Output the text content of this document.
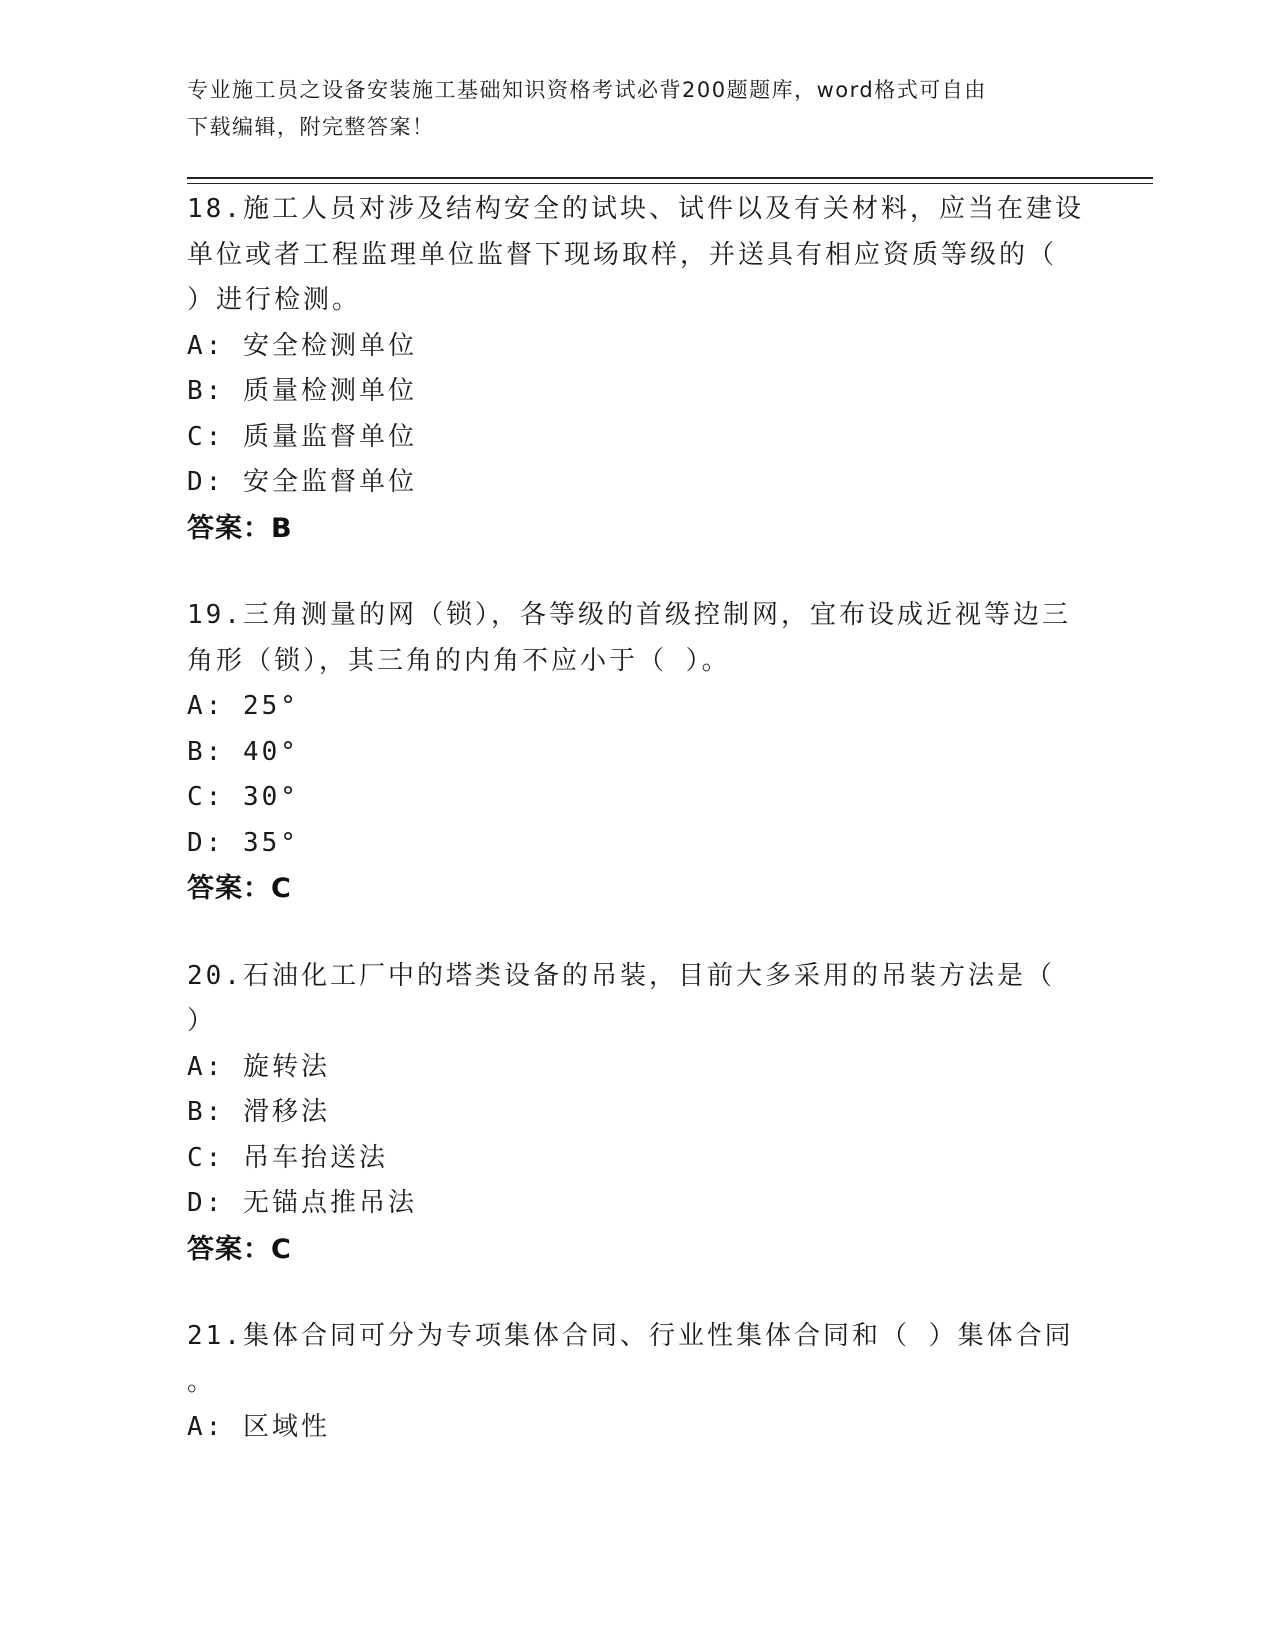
专业施工员之设备安装施工基础知识资格考试必背200题题库，word格式可自由
下载编辑，附完整答案！
18.施工人员对涉及结构安全的试块、试件以及有关材料，应当在建设
单位或者工程监理单位监督下现场取样，并送具有相应资质等级的（
）进行检测。
A: 安全检测单位
B: 质量检测单位
C: 质量监督单位
D: 安全监督单位
答案：B
19.三角测量的网（锁），各等级的首级控制网，宜布设成近视等边三
角形（锁），其三角的内角不应小于（ ）。
A: 25°
B: 40°
C: 30°
D: 35°
答案：C
20.石油化工厂中的塔类设备的吊装，目前大多采用的吊装方法是（
）
A: 旋转法
B: 滑移法
C: 吊车抬送法
D: 无锚点推吊法
答案：C
21.集体合同可分为专项集体合同、行业性集体合同和（ ）集体合同
。
A: 区域性
